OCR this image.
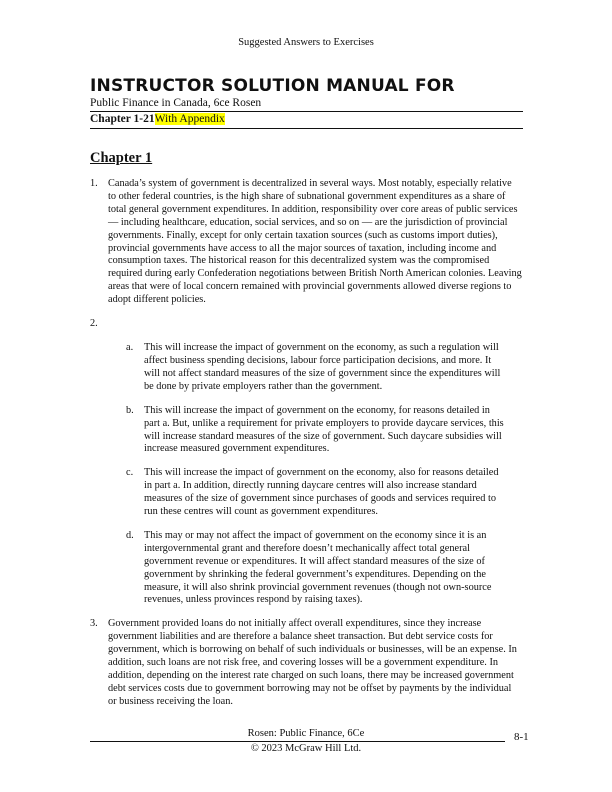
Suggested Answers to Exercises
INSTRUCTOR SOLUTION MANUAL FOR
Public Finance in Canada, 6ce Rosen
Chapter 1-21With Appendix
Chapter 1
1. Canada’s system of government is decentralized in several ways. Most notably, especially relative to other federal countries, is the high share of subnational government expenditures as a share of total general government expenditures. In addition, responsibility over core areas of public services — including healthcare, education, social services, and so on — are the jurisdiction of provincial governments. Finally, except for only certain taxation sources (such as customs import duties), provincial governments have access to all the major sources of taxation, including income and consumption taxes. The historical reason for this decentralized system was the compromised required during early Confederation negotiations between British North American colonies. Leaving areas that were of local concern remained with provincial governments allowed diverse regions to adopt different policies.

2.
a. This will increase the impact of government on the economy, as such a regulation will affect business spending decisions, labour force participation decisions, and more. It will not affect standard measures of the size of government since the expenditures will be done by private employers rather than the government.

b. This will increase the impact of government on the economy, for reasons detailed in part a. But, unlike a requirement for private employers to provide daycare services, this will increase standard measures of the size of government. Such daycare subsidies will increase measured government expenditures.

c. This will increase the impact of government on the economy, also for reasons detailed in part a. In addition, directly running daycare centres will also increase standard measures of the size of government since purchases of goods and services required to run these centres will count as government expenditures.

d. This may or may not affect the impact of government on the economy since it is an intergovernmental grant and therefore doesn’t mechanically affect total general government revenue or expenditures. It will affect standard measures of the size of government by shrinking the federal government’s expenditures. Depending on the measure, it will also shrink provincial government revenues (though not own-source revenues, unless provinces respond by raising taxes).

3. Government provided loans do not initially affect overall expenditures, since they increase government liabilities and are therefore a balance sheet transaction. But debt service costs for government, which is borrowing on behalf of such individuals or businesses, will be an expense. In addition, such loans are not risk free, and covering losses will be a government expenditure. In addition, depending on the interest rate charged on such loans, there may be increased government debt services costs due to government borrowing may not be offset by payments by the individual or business receiving the loan.

Rosen: Public Finance, 6Ce
© 2023 McGraw Hill Ltd.
8-1
